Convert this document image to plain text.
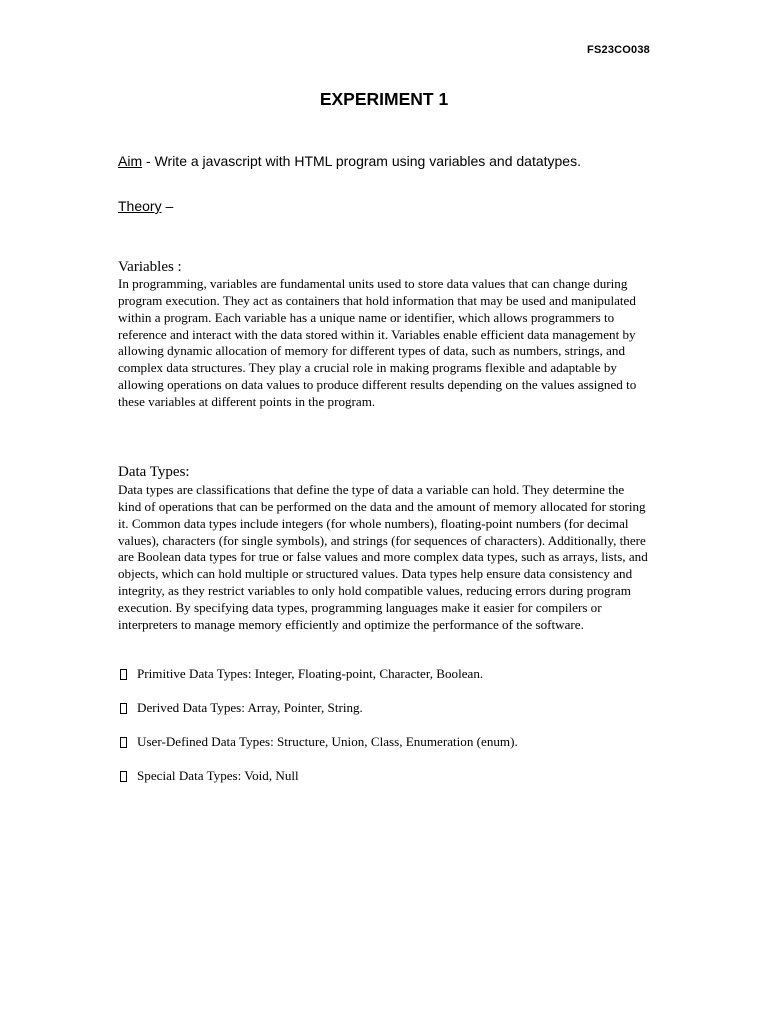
FS23CO038
EXPERIMENT 1
Aim - Write a javascript with HTML program using variables and datatypes.
Theory –
Variables :

In programming, variables are fundamental units used to store data values that can change during program execution. They act as containers that hold information that may be used and manipulated within a program. Each variable has a unique name or identifier, which allows programmers to reference and interact with the data stored within it. Variables enable efficient data management by allowing dynamic allocation of memory for different types of data, such as numbers, strings, and complex data structures. They play a crucial role in making programs flexible and adaptable by allowing operations on data values to produce different results depending on the values assigned to these variables at different points in the program.

Data Types:

Data types are classifications that define the type of data a variable can hold. They determine the kind of operations that can be performed on the data and the amount of memory allocated for storing it. Common data types include integers (for whole numbers), floating-point numbers (for decimal values), characters (for single symbols), and strings (for sequences of characters). Additionally, there are Boolean data types for true or false values and more complex data types, such as arrays, lists, and objects, which can hold multiple or structured values. Data types help ensure data consistency and integrity, as they restrict variables to only hold compatible values, reducing errors during program execution. By specifying data types, programming languages make it easier for compilers or interpreters to manage memory efficiently and optimize the performance of the software.

Primitive Data Types: Integer, Floating-point, Character, Boolean.
Derived Data Types: Array, Pointer, String.
User-Defined Data Types: Structure, Union, Class, Enumeration (enum).
Special Data Types: Void, Null
